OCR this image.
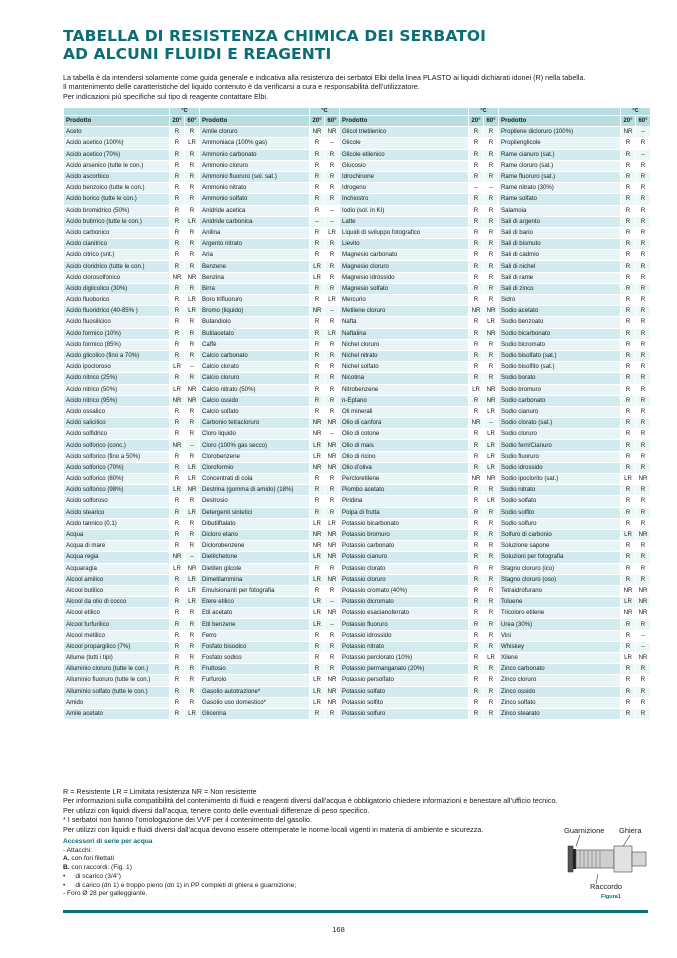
TABELLA DI RESISTENZA CHIMICA DEI SERBATOI
AD ALCUNI FLUIDI E REAGENTI
La tabella è da intendersi solamente come guida generale e indicativa alla resistenza dei serbatoi Elbi della linea PLASTO ai liquidi dichiarati idonei (R) nella tabella.
Il mantenimento delle caratteristiche del liquido contenuto è da verificarsi a cura e responsabilità dell’utilizzatore.
Per indicazioni più specifiche sul tipo di reagente contattare Elbi.
	°C			°C			°C			°C	
Prodotto	20°	60°	Prodotto	20°	60°	Prodotto	20°	60°	Prodotto	20°	60°
Aceto	R	R	Amile cloruro	NR	NR	Glicol trietilenico	R	R	Propilene dicloruro (100%)	NR	--
Acido acetico (100%)	R	LR	Ammoniaca (100% gas)	R	--	Glicole	R	R	Propilenglicole	R	R
Acido acetico (70%)	R	R	Ammonio carbonato	R	R	Glicole etilenico	R	R	Rame cianuro (sat.)	R	--
Acido arsenico (tutte le con.)	R	R	Ammonio cloruro	R	R	Glucosio	R	R	Rame cloruro (sat.)	R	R
Acido ascorbico	R	R	Ammonio fluoruro (sol. sat.)	R	R	Idrochinone	R	R	Rame fluoruro (sat.)	R	R
Acido benzoico (tutte le con.)	R	R	Ammonio nitrato	R	R	Idrogeno	--	--	Rame nitrato (30%)	R	R
Acido borico (tutte le con.)	R	R	Ammonio solfato	R	R	Inchiostro	R	R	Rame solfato	R	R
Acido bromidrico (50%)	R	R	Anidride acetica	R	--	Iodio (sol. in KI)	R	R	Salamoia	R	R
Acido butirrico (tutte le con.)	R	LR	Anidride carbonica	--	--	Latte	R	R	Sali di argento	R	R
Acido carbonico	R	R	Anilina	R	LR	Liquidi di sviluppo fotografico	R	R	Sali di bario	R	R
Acido cianitrico	R	R	Argento nitrato	R	R	Lievito	R	R	Sali di bismuto	R	R
Acido citrico (snt.)	R	R	Aria	R	R	Magnesio carbonato	R	R	Sali di cadmio	R	R
Acido cloridrico (tutte le con.)	R	R	Benzene	LR	R	Magnesio cloruro	R	R	Sali di nichel	R	R
Acido clorosolfonico	NR	NR	Benzina	LR	R	Magnesio idrossido	R	R	Sali di rame	R	R
Acido diglicolico (30%)	R	R	Birra	R	R	Magnesio solfato	R	R	Sali di zinco	R	R
Acido fluoborico	R	LR	Boro trifluoruro	R	LR	Mercurio	R	R	Sidro	R	R
Acido fluoridrico (40-85% )	R	LR	Bromo (liquido)	NR	--	Metilene cloruro	NR	NR	Sodio acetato	R	R
Acido fluosilicico	R	R	Butandiolo	R	R	Nafta	R	LR	Sodio benzoato	R	R
Acido formico (10%)	R	R	Butilacetato	R	LR	Naftalina	R	NR	Sodio bicarbonato	R	R
Acido formico (85%)	R	R	Caffè	R	R	Nichel cloruro	R	R	Sodio bicromato	R	R
Acido glicolico (fino a 70%)	R	R	Calcio carbonato	R	R	Nichel nitrato	R	R	Sodio bisolfato (sat.)	R	R
Acido ipocloroso	LR	--	Calcio clorato	R	R	Nichel solfato	R	R	Sodio bisolfito (sat.)	R	R
Acido nitrico (25%)	R	R	Calcio cloruro	R	R	Nicotina	R	R	Sodio borato	R	R
Acido nitrico (50%)	LR	NR	Calcio nitrato (50%)	R	R	Nitrobenzene	LR	NR	Sodio bromuro	R	R
Acido nitrico (95%)	NR	NR	Calcio ossido	R	R	n-Eptano	R	NR	Sodio carbonato	R	R
Acido ossalico	R	R	Calcio solfato	R	R	Oli minerali	R	LR	Sodio cianuro	R	R
Acido salicilico	R	R	Carbonio tetracloruro	NR	NR	Olio di canfora	NR	--	Sodio clorato (sat.)	R	R
Acido solfidrico	R	R	Cloro liquido	NR	--	Olio di cotone	R	LR	Sodio cloruro	R	R
Acido solforico (conc.)	NR	--	Cloro (100% gas secco)	LR	NR	Olio di mais	R	LR	Sodio ferri/Cianuro	R	R
Acido solforico (fino a 50%)	R	R	Clorobenzene	LR	NR	Olio di ricino	R	LR	Sodio fluoruro	R	R
Acido solforico (70%)	R	LR	Cloroformio	NR	NR	Olio d’oliva	R	LR	Sodio idrossido	R	R
Acido solforico (80%)	R	LR	Concentrati di cola	R	R	Percloretilene	NR	NR	Sodio ipoclorito (sat.)	LR	NR
Acido solforico (98%)	LR	NR	Destrina (gomma di amido) (18%)	R	R	Piombo acetato	R	R	Sodio nitrato	R	R
Acido solforoso	R	R	Destrosio	R	R	Piridina	R	LR	Sodio solfato	R	R
Acido stearico	R	LR	Detergenti sintetici	R	R	Polpa di frutta	R	R	Sodio solfito	R	R
Acido tannico (0,1)	R	R	Dibutilftalato	LR	LR	Potassio bicarbonato	R	R	Sodio solfuro	R	R
Acqua	R	R	Dicloro etano	NR	NR	Potassio bromuro	R	R	Solfuro di carbonio	LR	NR
Acqua di mare	R	R	Diclorobenzene	NR	NR	Potassio carbonato	R	R	Soluzione sapone	R	R
Acqua regia	NR	--	Dietilchetone	LR	NR	Potassio cianuro	R	R	Soluzioni per fotografia	R	R
Acquaragia	LR	NR	Dietilen glicole	R	R	Potassio clorato	R	R	Stagno cloruro (ico)	R	R
Alcool amilico	R	LR	Dimetilammina	LR	NR	Potassio cloruro	R	R	Stagno cloruro (oso)	R	R
Alcool butilico	R	LR	Emulsionanti per fotografia	R	R	Potassio cromato (40%)	R	R	Tetraidrofurano	NR	NR
Alcool da olio di cocco	R	LR	Etere etilico	LR	--	Potassio dicromato	R	R	Toluene	LR	NR
Alcool etilico	R	R	Etil acetato	LR	NR	Potassio esacianoferrato	R	R	Tricoloro etilene	NR	NR
Alcool furfurilico	R	R	Etil benzene	LR	--	Potassio fluoruro	R	R	Urea (30%)	R	R
Alcool metilico	R	R	Ferro	R	R	Potassio idrossido	R	R	Vini	R	--
Alcool propargilico (7%)	R	R	Fosfato bisodico	R	R	Potassio nitrato	R	R	Whiskey	R	--
Allume (tutti i tipi)	R	R	Fosfato sodico	R	R	Potassio perclorato (10%)	R	LR	Xilene	LR	NR
Alluminio cloruro (tutte le con.)	R	R	Fruttosio	R	R	Potassio permanganato (20%)	R	R	Zinco carbonato	R	R
Alluminio fluoruro (tutte le con.)	R	R	Furfurolo	LR	NR	Potassio persolfato	R	R	Zinco cloruro	R	R
Alluminio solfato (tutte le con.)	R	R	Gasolio autotrazione*	LR	NR	Potassio solfato	R	R	Zinco ossido	R	R
Amido	R	R	Gasolio uso domestico*	LR	NR	Potassio solfito	R	R	Zinco solfato	R	R
Amile acetato	R	LR	Glicerina	R	R	Potassio solfuro	R	R	Zinco stearato	R	R
R = Resistente LR = Limitata resistenza NR = Non resistente
Per informazioni sulla compatibilità del contenimento di fluidi e reagenti diversi dall’acqua è obbligatorio chiedere informazioni e benestare all’ufficio tecnico.
Per utilizzi con liquidi diversi dall’acqua, tenere conto delle eventuali differenze di peso specifico.
* I serbatoi non hanno l’omologazione dei VVF per il contenimento del gasolio.
Per utilizzi con liquidi e fluidi diversi dall’acqua devono essere ottemperate le norme locali vigenti in materia di ambiente e sicurezza.
Accessori di serie per acqua
- Attacchi:
A. con fori filettati
B. con raccordi: (Fig. 1)
• di scarico (3/4")
• di carico (dn 1) e troppo pieno (dn 1) in PP completi di ghiera e guarnizione;
- Foro Ø 28 per galleggiante.
Guarnizione Ghiera
Raccordo
Figura1
168
